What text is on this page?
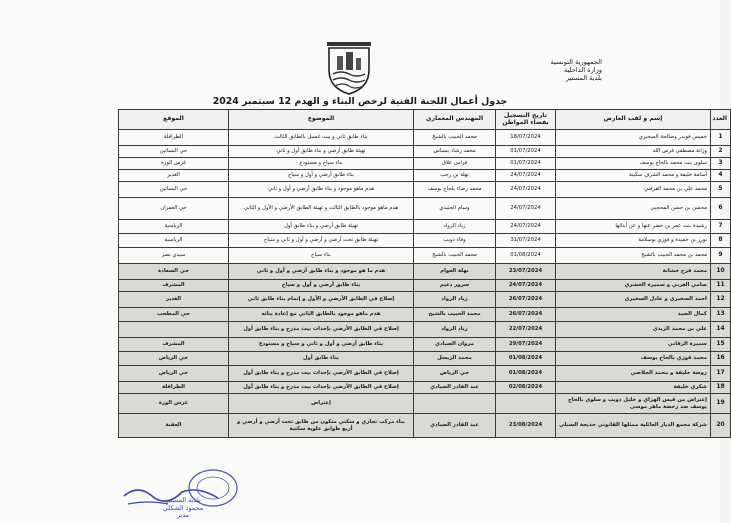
الجمهورية التونسية
وزارة الداخلية
بلدية المستير
جدول أعمال اللجنة الفنية لرخص البناء و الهدم 12 سبتمبر 2024
العدد	إسم و لقب العارض	تاريخ التسجيل بفضاء المواطن	المهندس المعماري	الموضوع	الموقع
1	خميس فوبدر وصالحة السخيري	18/07/2024	محمد الحبيب بالشيخ	بناء طابق ثاني و بيت غسيل بالطابق الثالث	الطرافلة
2	وزانة مصطفى فرس الله	01/07/2024	محمد رشاد بسباس	تهيئة طابق أرضي و بناء طابق أول و ثاني	حي البساتين
3	سلوى بنت محمد بالحاج يوسف	01/07/2024	فراس علاق	بناء سياج و مستودع	غرس الوزة
4	أسامة خليفة و محمد الشرف سكينة	24/07/2024	نهلة بن رجب	بناء طابق أرضي و أول و سياج	الغدير
5	محمد علي بن محمد القرقني	24/07/2024	محمد رضاء بلحاج يوسف	هدم ماهو موجود و بناء طابق أرضي و أول و ثاني	حي البساتين
6	محسن بن حسن المحجبي	24/07/2024	وسام الجنيدي	هدم ماهو موجود بالطابق الثالث و تهيئة الطابق الأرضي و الأول و الثاني	حي العمران
7	رشيدة بنت عمر بن خضر عنها و عن أبنائها	24/07/2024	زياد الزواد	تهيئة طابق أرضي و بناء طابق أول	الرباسية
8	نورز بن حميدة و فوزي بوسلامة	31/07/2024	وفاء ذويب	تهيئة طابق تحت أرضي و أرضي و أول و ثاني و سياج	الرباسية
9	محمد بن محمد الحبيب بالشيخ	01/08/2024	محمد الحبيب بالشيخ	بناء سياج	سيدي نصر
10	محمد فرج خشانة	23/07/2024	نهلة العوام	هدم ما هو موجود و بناء طابق أرضي و أول و ثاني	حي السعادة
11	سامي الغربي و سميرة الحشري	24/07/2024	سرور دغيم	بناء طابق أرضي و أول و سياج	المشرف
12	احمد السخيري و عادل السخيري	26/07/2024	زياد الزواد	إصلاح في الطابق الأرضي و الأول و إتمام بناء طابق ثاني	الغدير
13	كمال الصيد	26/07/2024	محمد الحبيب بالشيخ	هدم ماهو موجود بالطابق الثاني مع إعادة بنائه	حي المطحب
14	علي بن محمد الزيدي	22/07/2024	زياد الزواد	إصلاح في الطابق الأرضي بإحداث بيت مدرج و بناء طابق أول	
15	سميرة الزقاني	29/07/2024	مروان الصيادي	بناء طابق أرضي و أول و ثاني و سياج و مستودع	المشرف
16	محمد فوزي بالحاج يوسف	01/08/2024	محمد الزيسل	بناء طابق أول	حي الرياض
17	روضة خليفة و محمد الجلاصي	01/08/2024	حي الرياض	إصلاح في الطابق الأرضي بإحداث بيت مدرج و بناء طابق أول	حي الرياض
18	شكري خليفة	02/08/2024	عبد القادر الصيادي	إصلاح في الطابق الأرضي بإحداث بيت مدرج و بناء طابق أول	الطرافلة
19	إعتراض من قيس الهزاي و خليل ذويب و سلوى بالحاج يوسف ضد رخصة ماهر موسى			إعتراض	غرس الوزة
20	شركة مجمع الديار العائلية ممثلها القانوني خديجة السبلي	23/08/2024	عبد القادر الصيادي	بناء مركب تجاري و سكني متكون من طابق تحت أرضي و أرضي و أربع طوابق علوية سكنية	العقبة
بلدية المستير
محمود الشكلي
مدير
